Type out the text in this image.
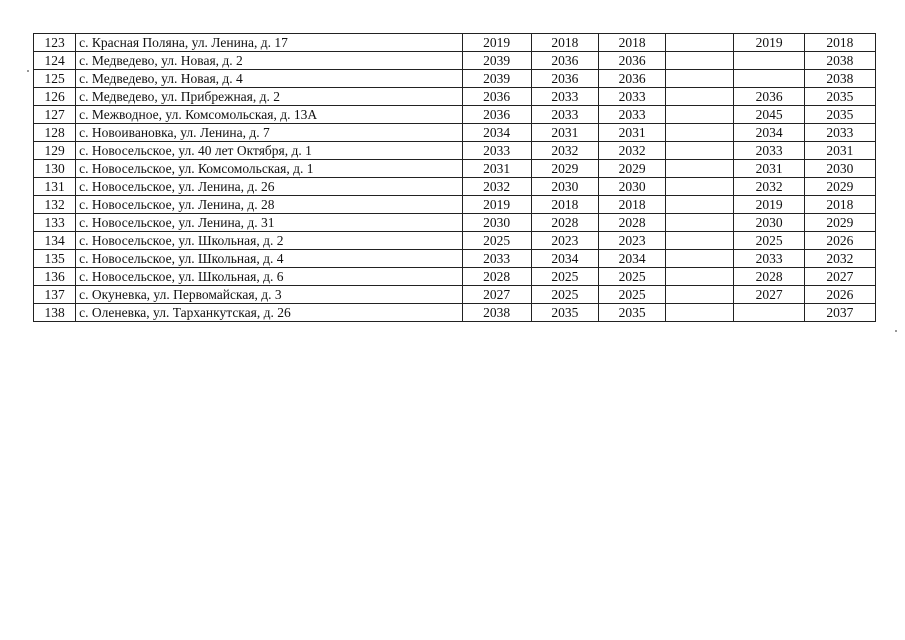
123	с. Красная Поляна, ул. Ленина, д. 17	2019	2018	2018		2019	2018
124	с. Медведево, ул. Новая, д. 2	2039	2036	2036			2038
125	с. Медведево, ул. Новая, д. 4	2039	2036	2036			2038
126	с. Медведево, ул. Прибрежная, д. 2	2036	2033	2033		2036	2035
127	с. Межводное, ул. Комсомольская, д. 13А	2036	2033	2033		2045	2035
128	с. Новоивановка, ул. Ленина, д. 7	2034	2031	2031		2034	2033
129	с. Новосельское, ул. 40 лет Октября, д. 1	2033	2032	2032		2033	2031
130	с. Новосельское, ул. Комсомольская, д. 1	2031	2029	2029		2031	2030
131	с. Новосельское, ул. Ленина, д. 26	2032	2030	2030		2032	2029
132	с. Новосельское, ул. Ленина, д. 28	2019	2018	2018		2019	2018
133	с. Новосельское, ул. Ленина, д. 31	2030	2028	2028		2030	2029
134	с. Новосельское, ул. Школьная, д. 2	2025	2023	2023		2025	2026
135	с. Новосельское, ул. Школьная, д. 4	2033	2034	2034		2033	2032
136	с. Новосельское, ул. Школьная, д. 6	2028	2025	2025		2028	2027
137	с. Окуневка, ул. Первомайская, д. 3	2027	2025	2025		2027	2026
138	с. Оленевка, ул. Тарханкутская, д. 26	2038	2035	2035			2037
